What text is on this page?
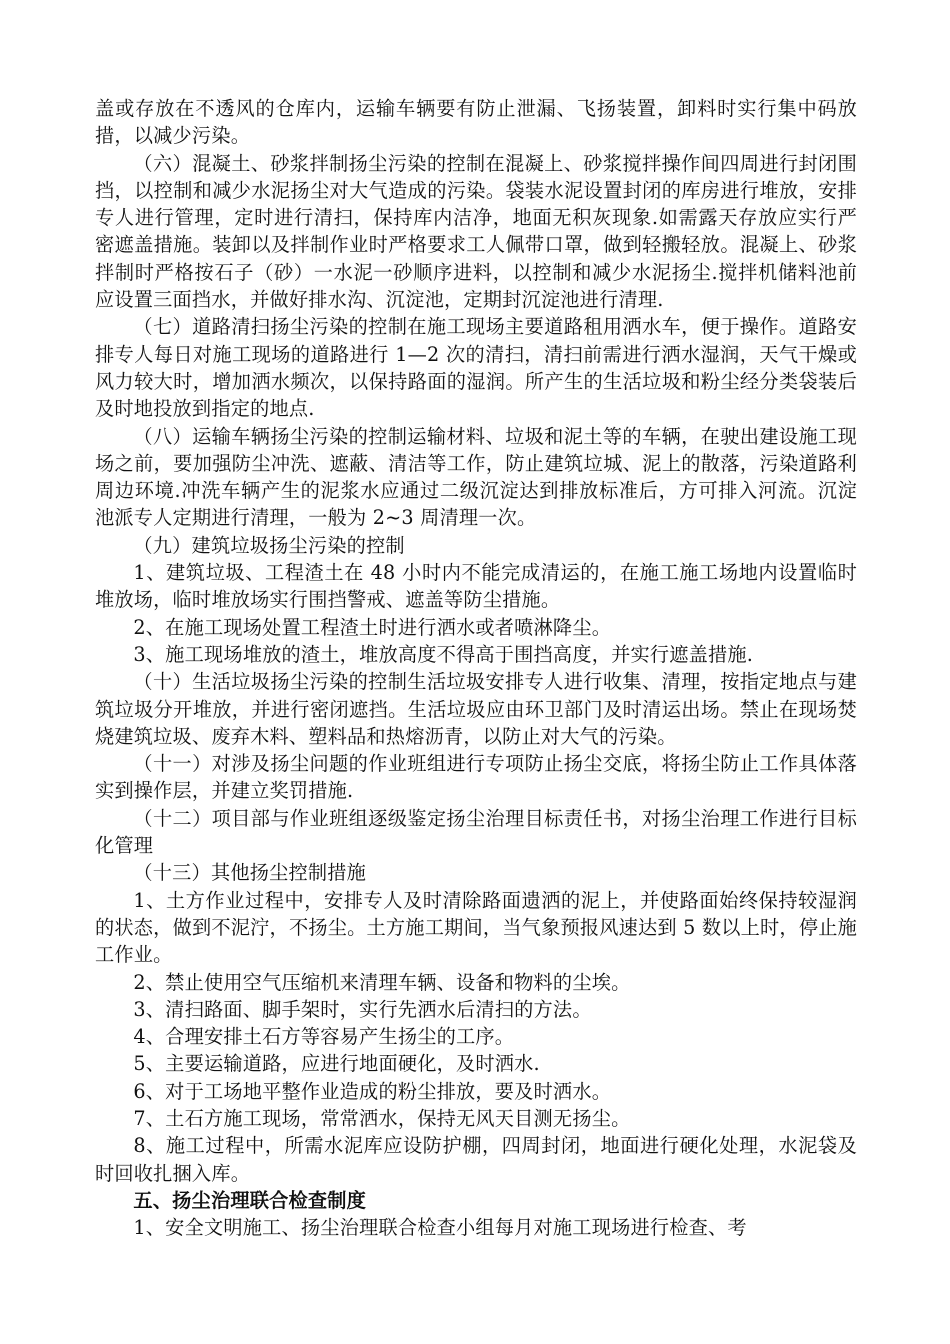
盖或存放在不透风的仓库内，运输车辆要有防止泄漏、飞扬装置，卸料时实行集中码放措，以减少污染。

（六）混凝土、砂浆拌制扬尘污染的控制在混凝上、砂浆搅拌操作间四周进行封闭围挡，以控制和减少水泥扬尘对大气造成的污染。袋装水泥设置封闭的库房进行堆放，安排专人进行管理，定时进行清扫，保持库内洁净，地面无积灰现象.如需露天存放应实行严密遮盖措施。装卸以及拌制作业时严格要求工人佩带口罩，做到轻搬轻放。混凝上、砂浆拌制时严格按石子（砂）一水泥一砂顺序进料，以控制和减少水泥扬尘.搅拌机储料池前应设置三面挡水，并做好排水沟、沉淀池，定期封沉淀池进行清理.

（七）道路清扫扬尘污染的控制在施工现场主要道路租用洒水车，便于操作。道路安排专人每日对施工现场的道路进行 1—2 次的清扫，清扫前需进行洒水湿润，天气干燥或风力较大时，增加洒水频次，以保持路面的湿润。所产生的生活垃圾和粉尘经分类袋装后及时地投放到指定的地点.

（八）运输车辆扬尘污染的控制运输材料、垃圾和泥土等的车辆，在驶出建设施工现场之前，要加强防尘冲洗、遮蔽、清洁等工作，防止建筑垃城、泥上的散落，污染道路利周边环境.冲洗车辆产生的泥浆水应通过二级沉淀达到排放标准后，方可排入河流。沉淀池派专人定期进行清理，一般为 2~3 周清理一次。

（九）建筑垃圾扬尘污染的控制

1、建筑垃圾、工程渣土在 48 小时内不能完成清运的，在施工施工场地内设置临时堆放场，临时堆放场实行围挡警戒、遮盖等防尘措施。

2、在施工现场处置工程渣土时进行洒水或者喷淋降尘。

3、施工现场堆放的渣土，堆放高度不得高于围挡高度，并实行遮盖措施.

（十）生活垃圾扬尘污染的控制生活垃圾安排专人进行收集、清理，按指定地点与建筑垃圾分开堆放，并进行密闭遮挡。生活垃圾应由环卫部门及时清运出场。禁止在现场焚烧建筑垃圾、废弃木料、塑料品和热熔沥青，以防止对大气的污染。

（十一）对涉及扬尘问题的作业班组进行专项防止扬尘交底，将扬尘防止工作具体落实到操作层，并建立奖罚措施.

（十二）项目部与作业班组逐级鉴定扬尘治理目标责任书，对扬尘治理工作进行目标化管理

（十三）其他扬尘控制措施

1、土方作业过程中，安排专人及时清除路面遗洒的泥上，并使路面始终保持较湿润的状态，做到不泥泞，不扬尘。土方施工期间，当气象预报风速达到 5 数以上时，停止施工作业。

2、禁止使用空气压缩机来清理车辆、设备和物料的尘埃。

3、清扫路面、脚手架时，实行先洒水后清扫的方法。

4、合理安排土石方等容易产生扬尘的工序。

5、主要运输道路，应进行地面硬化，及时洒水.

6、对于工场地平整作业造成的粉尘排放，要及时洒水。

7、土石方施工现场，常常洒水，保持无风天目测无扬尘。

8、施工过程中，所需水泥库应设防护棚，四周封闭，地面进行硬化处理，水泥袋及时回收扎捆入库。

五、扬尘治理联合检查制度

1、安全文明施工、扬尘治理联合检查小组每月对施工现场进行检查、考
